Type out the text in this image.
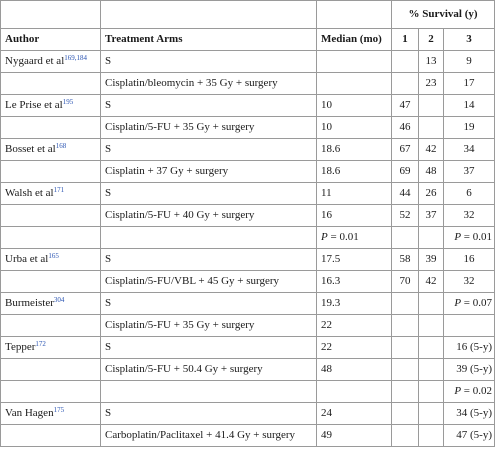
			% Survival (y)		
Author	Treatment Arms	Median (mo)	1	2	3
Nygaard et al$^{169,184}$	S			13	9
	Cisplatin/bleomycin + 35 Gy + surgery			23	17
Le Prise et $al^{195}$	S	10	47		14
	Cisplatin/5-FU + 35 Gy + surgery	10	46		19
Bosset et $al^{168}$	S	18.6	67	42	34
	Cisplatin + 37 Gy + surgery	18.6	69	48	37
Walsh et $al^{171}$	S	11	44	26	6
	Cisplatin/5-FU + 40 Gy + surgery	16	52	37	32
		P = 0.01			P = 0.01
Urba et $al^{165}$	S	17.5	58	39	16
	Cisplatin/5-FU/VBL + 45 Gy + surgery	16.3	70	42	32
Burmeister$^{304}$	S	19.3			P = 0.07
	Cisplatin/5-FU + 35 Gy + surgery	22			
Tepper$^{172}$	S	22			16 (5-y)
	Cisplatin/5-FU + 50.4 Gy + surgery	48			39 (5-y)
					P = 0.02
Van Hagen$^{175}$	S	24			34 (5-y)
	Carboplatin/Paclitaxel + 41.4 Gy + surgery	49			47 (5-y)
